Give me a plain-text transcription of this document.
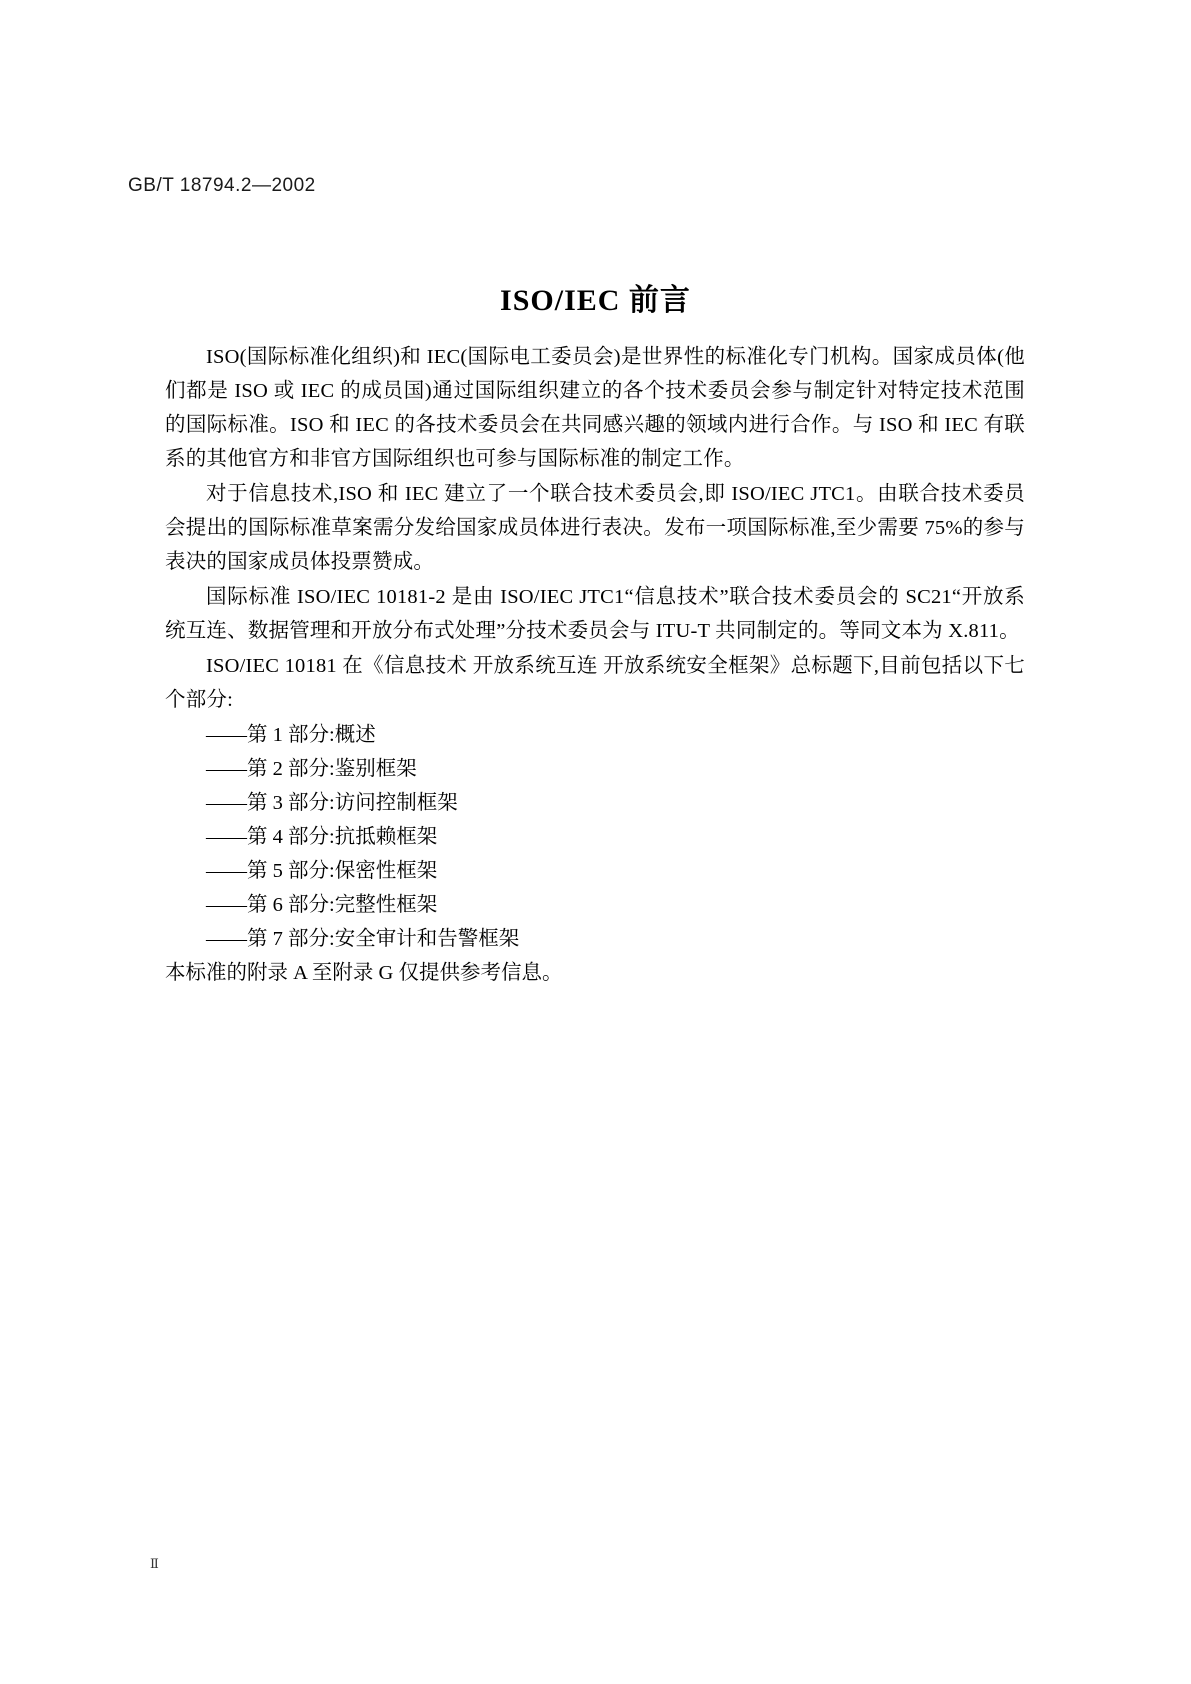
GB/T 18794.2—2002
ISO/IEC 前言

ISO(国际标准化组织)和 IEC(国际电工委员会)是世界性的标准化专门机构。国家成员体(他们都是 ISO 或 IEC 的成员国)通过国际组织建立的各个技术委员会参与制定针对特定技术范围的国际标准。ISO 和 IEC 的各技术委员会在共同感兴趣的领域内进行合作。与 ISO 和 IEC 有联系的其他官方和非官方国际组织也可参与国际标准的制定工作。

对于信息技术,ISO 和 IEC 建立了一个联合技术委员会,即 ISO/IEC JTC1。由联合技术委员会提出的国际标准草案需分发给国家成员体进行表决。发布一项国际标准,至少需要 75%的参与表决的国家成员体投票赞成。

国际标准 ISO/IEC 10181-2 是由 ISO/IEC JTC1“信息技术”联合技术委员会的 SC21“开放系统互连、数据管理和开放分布式处理”分技术委员会与 ITU-T 共同制定的。等同文本为 X.811。

ISO/IEC 10181 在《信息技术 开放系统互连 开放系统安全框架》总标题下,目前包括以下七个部分:

——第 1 部分:概述
——第 2 部分:鉴别框架
——第 3 部分:访问控制框架
——第 4 部分:抗抵赖框架
——第 5 部分:保密性框架
——第 6 部分:完整性框架
——第 7 部分:安全审计和告警框架

本标准的附录 A 至附录 G 仅提供参考信息。

Ⅱ
